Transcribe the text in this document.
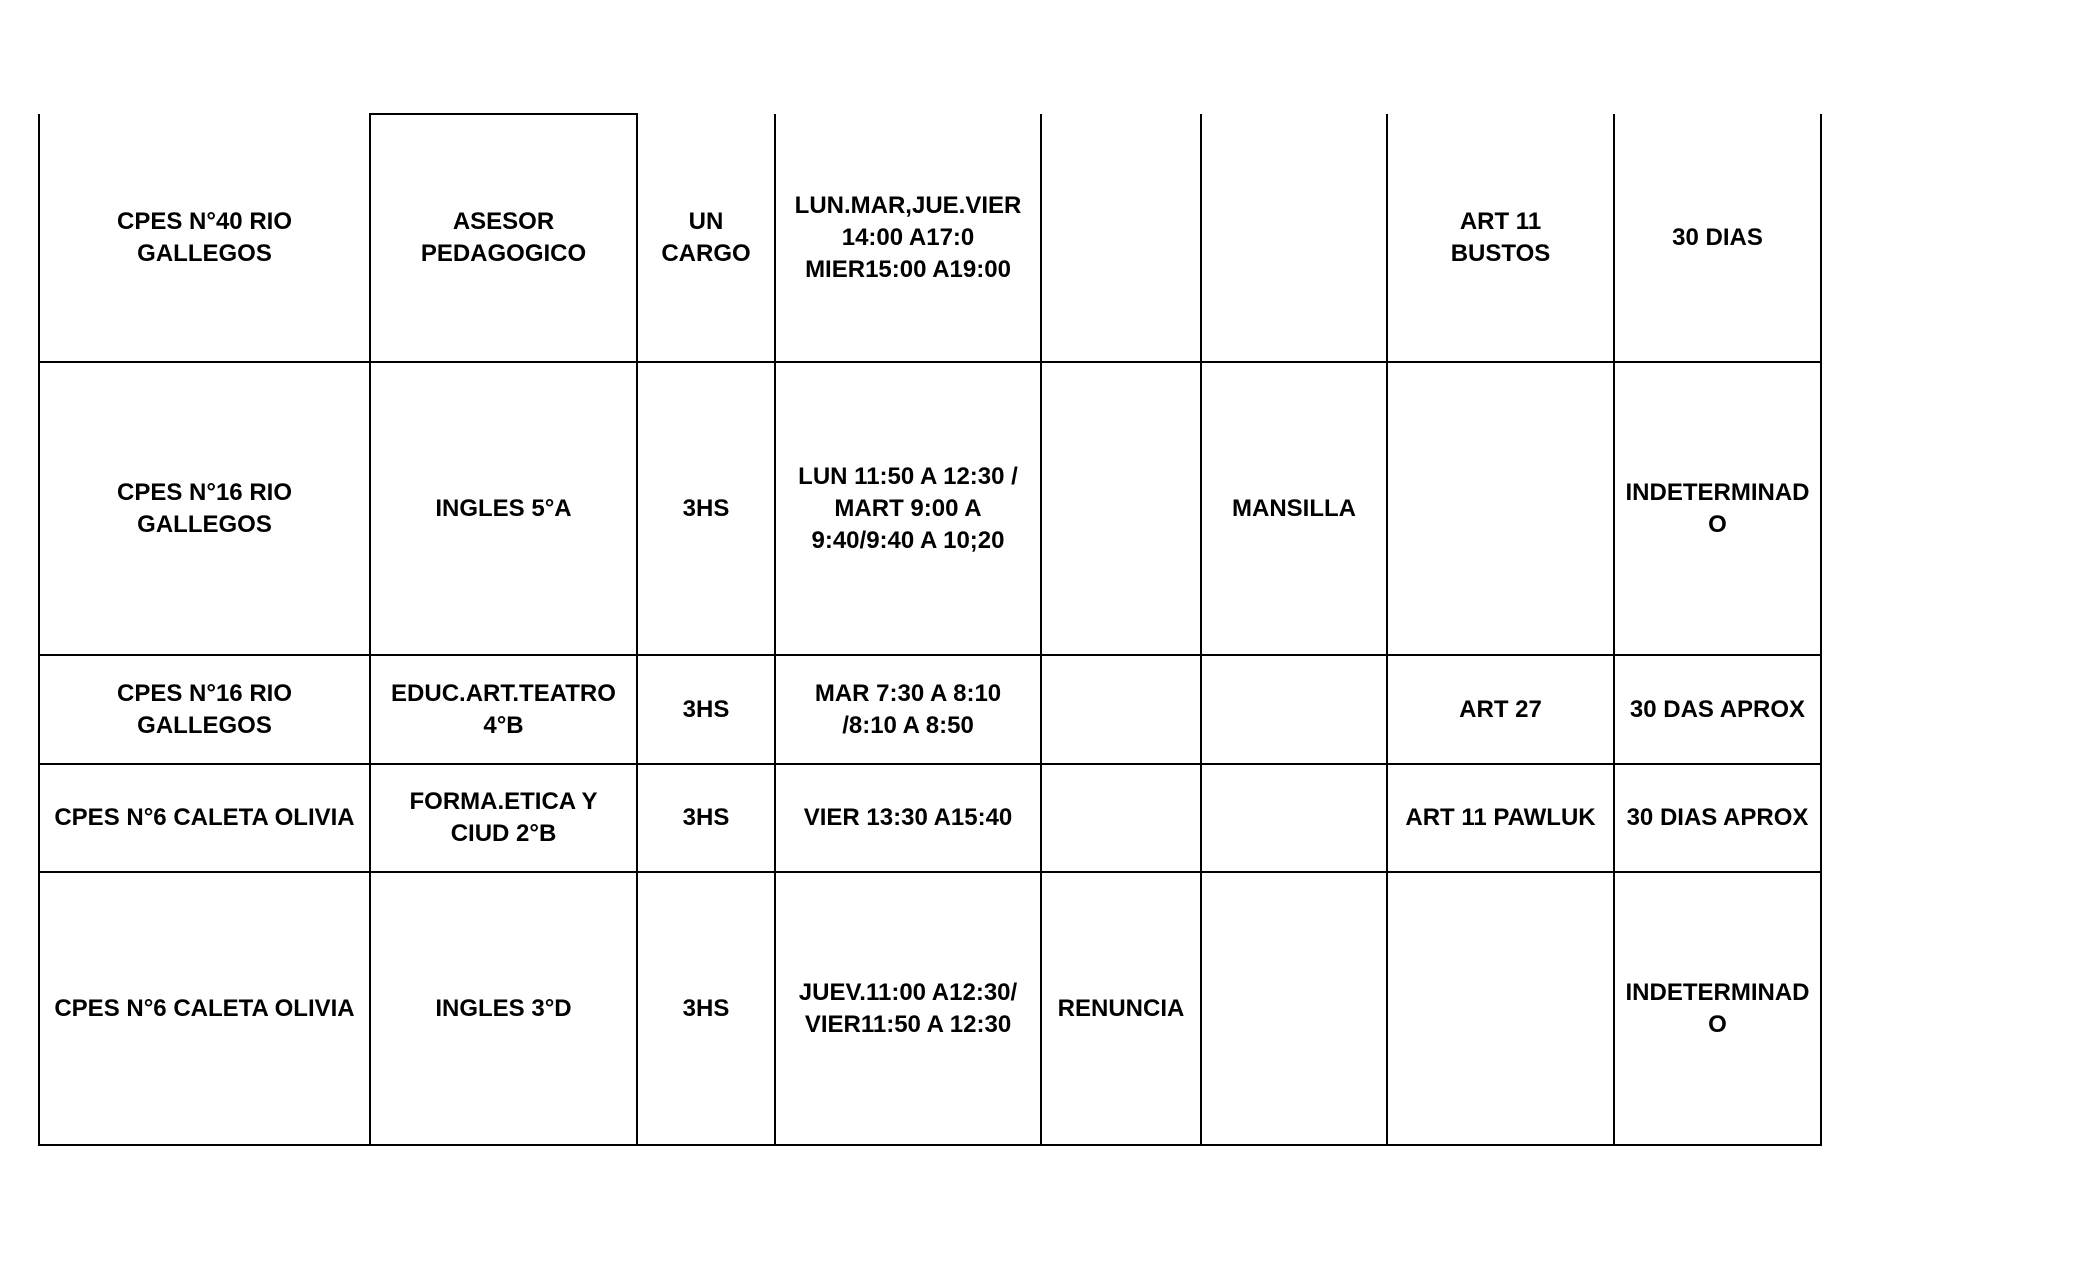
CPES N°40 RIO
GALLEGOS	ASESOR
PEDAGOGICO	UN
CARGO	LUN.MAR,JUE.VIER
14:00 A17:0
MIER15:00 A19:00			ART 11
BUSTOS	30 DIAS

CPES N°16 RIO
GALLEGOS	INGLES 5°A	3HS	LUN 11:50 A 12:30 /
MART 9:00 A
9:40/9:40 A 10;20		MANSILLA		INDETERMINAD
O

CPES N°16 RIO
GALLEGOS	EDUC.ART.TEATRO
4°B	3HS	MAR 7:30 A 8:10
/8:10 A 8:50			ART 27	30 DAS APROX

CPES N°6 CALETA OLIVIA	FORMA.ETICA Y
CIUD 2°B	3HS	VIER 13:30 A15:40			ART 11 PAWLUK	30 DIAS APROX

CPES N°6 CALETA OLIVIA	INGLES 3°D	3HS	JUEV.11:00 A12:30/
VIER11:50 A 12:30	RENUNCIA			INDETERMINAD
O
